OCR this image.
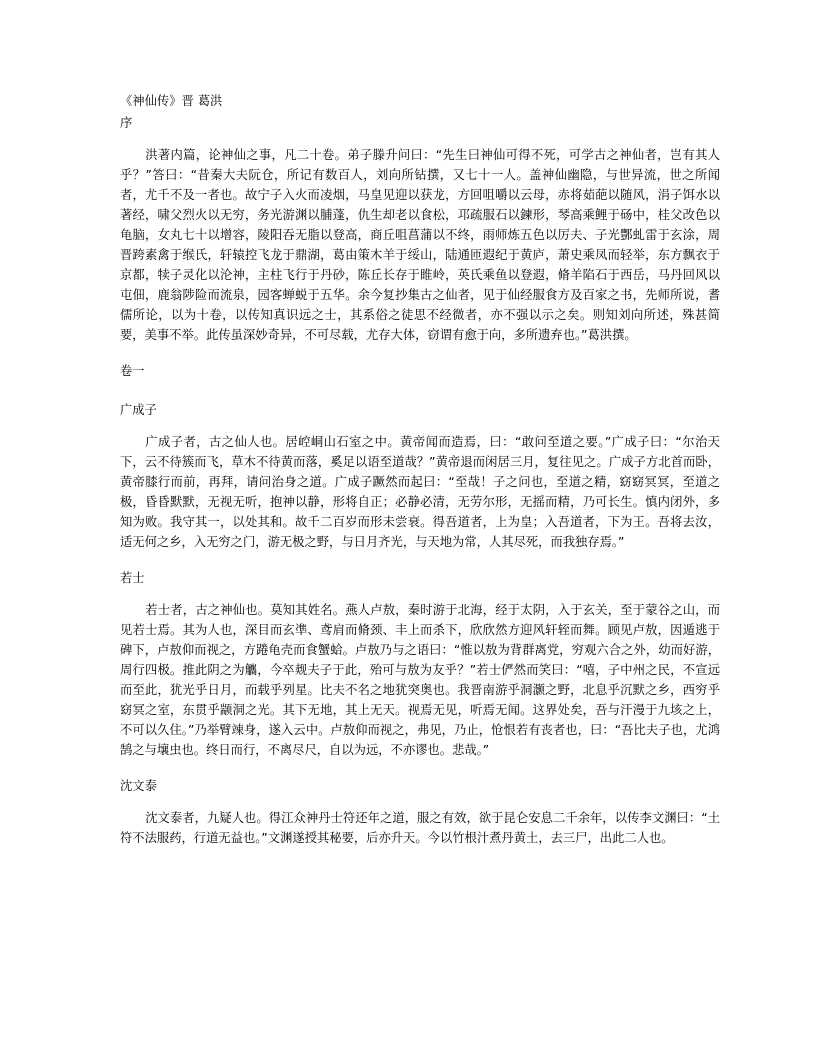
《神仙传》晋 葛洪
序

洪著内篇，论神仙之事，凡二十卷。弟子滕升问曰：“先生曰神仙可得不死，可学古之神仙者，岂有其人乎？”答曰：“昔秦大夫阮仓，所记有数百人，刘向所钻撰，又七十一人。盖神仙幽隐，与世异流，世之所闻者，尤千不及一者也。故宁子入火而凌烟，马皇见迎以获龙，方回咀嚼以云母，赤将茹葩以随风，涓子饵水以著经，啸父烈火以无穷，务光游渊以脯蓬，仇生却老以食松，邛疏服石以鍊形，琴高乘鲤于砀中，桂父改色以龟脑，女丸七十以增容，陵阳吞无脂以登高，商丘咀菖蒲以不终，雨师炼五色以厉夫、子光酆虬雷于玄涂，周晋跨素禽于缑氏，轩辕控飞龙于鼎湖，葛由策木羊于绥山，陆通匝遐纪于黄庐，萧史乘凤而轻举，东方飘衣于京都，犊子灵化以沦神，主柱飞行于丹砂，陈丘长存于睢岭，英氏乘鱼以登遐，脩羊陷石于西岳，马丹回风以屯佃，鹿翁陟险而流泉，园客蝉蜕于五华。余今复抄集古之仙者，见于仙经服食方及百家之书，先师所说，耆儒所论，以为十卷，以传知真识远之士，其系俗之徒思不经微者，亦不强以示之矣。则知刘向所述，殊甚简要，美事不举。此传虽深妙奇异，不可尽载，尤存大体，窃谓有愈于向，多所遗弃也。”葛洪撰。

卷一
广成子

广成子者，古之仙人也。居崆峒山石室之中。黄帝闻而造焉，曰：“敢问至道之要。”广成子曰：“尔治天下，云不待簇而飞，草木不待黄而落，奚足以语至道哉？”黄帝退而闲居三月，复往见之。广成子方北首而卧，黄帝膝行而前，再拜，请问治身之道。广成子蹶然而起曰：“至哉！子之问也，至道之精，窈窈冥冥，至道之极，昏昏默默，无视无听，抱神以静，形将自正；必静必清，无劳尔形，无摇而精，乃可长生。慎内闭外，多知为败。我守其一，以处其和。故千二百岁而形未尝衰。得吾道者，上为皇；入吾道者，下为王。吾将去汝，适无何之乡，入无穷之门，游无极之野，与日月齐光，与天地为常，人其尽死，而我独存焉。”

若士

若士者，古之神仙也。莫知其姓名。燕人卢敖，秦时游于北海，经于太阴，入于玄关，至于蒙谷之山，而见若士焉。其为人也，深目而玄凖、鸢肩而脩颈、丰上而杀下，欣欣然方迎风轩轾而舞。顾见卢敖，因遁逃于碑下，卢敖仰而视之，方踡龟壳而食蟹蛤。卢敖乃与之语曰：“惟以敖为背群离党，穷观六合之外，幼而好游，周行四极。推此阴之为觿，今卒觌夫子于此，殆可与敖为友乎？”若士俨然而笑曰：“嘻，子中州之民，不宣远而至此，犹光乎日月，而载乎列星。比夫不名之地犹突奥也。我晋南游乎洞灏之野，北息乎沉默之乡，西穷乎窈冥之室，东贯乎颛洞之光。其下无地，其上无天。视焉无见，听焉无闻。这界处矣，吾与汗漫于九垓之上，不可以久住。”乃举臂竦身，遂入云中。卢敖仰而视之，弗见，乃止，怆恨若有丧者也，曰：“吾比夫子也，尤鸿鹄之与壤虫也。终日而行，不离尽尺，自以为远，不亦谬也。悲哉。”

沈文泰

沈文泰者，九疑人也。得江众神丹士符还年之道，服之有效，欲于昆仑安息二千余年，以传李文渊曰：“土符不法服药，行道无益也。”文渊遂授其秘要，后亦升天。今以竹根汁煮丹黄土，去三尸，出此二人也。
